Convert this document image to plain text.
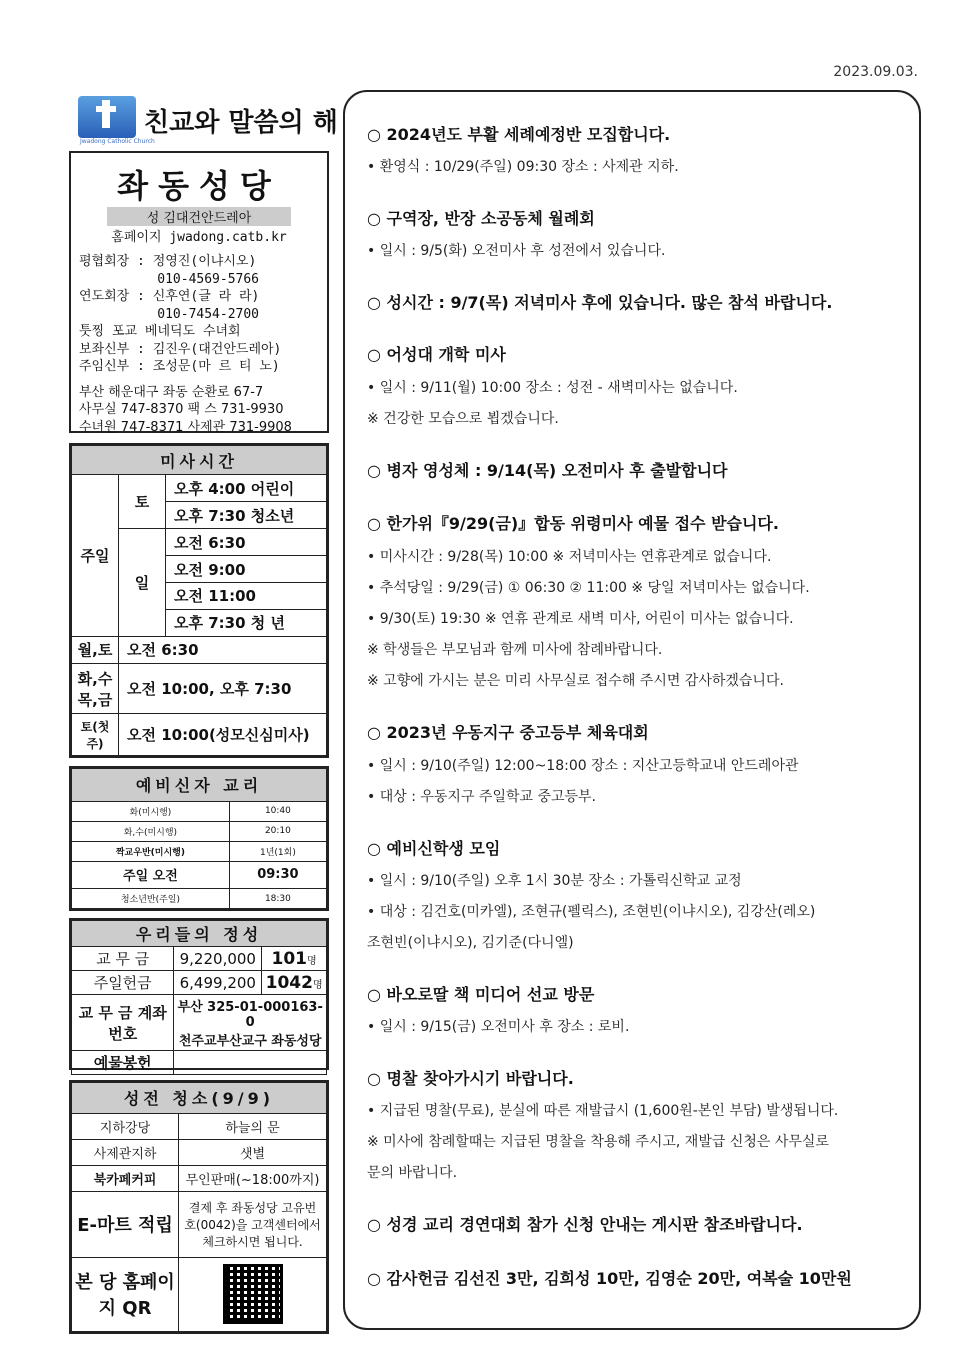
2023.09.03.
친교와 말씀의 해
Jwadong Catholic Church
좌동성당
성 김대건안드레아
홈페이지 jwadong.catb.kr
평협회장 : 정영진(이냐시오)
010-4569-5766
연도회장 : 신후연(글 라 라)
010-7454-2700
툿찡 포교 베네딕도 수녀회
보좌신부 : 김진우(대건안드레아)
주임신부 : 조성문(마 르 티 노)
부산 해운대구 좌동 순환로 67-7
사무실 747-8370 팩 스 731-9930
수녀원 747-8371 사제관 731-9908
미사시간		
주일	토	오후 4:00 어린이
		오후 7:30 청소년
	일	오전 6:30
		오전 9:00
		오전 11:00
		오후 7:30 청 년
월,토	오전 6:30	
화,수 목,금	오전 10:00, 오후 7:30	
토(첫주)	오전 10:00(성모신심미사)	
예비신자 교리	
화(미시행)	10:40
화,수(미시행)	20:10
짝교우반(미시행)	1년(1회)
주일 오전	09:30
청소년반(주일)	18:30
우리들의 정성		
교 무 금	9,220,000	101명
주일헌금	6,499,200	1042명
교 무 금 계좌번호	부산 325-01-000163-0
천주교부산교구 좌동성당	

예물봉헌		
성전 청소(9/9)	
지하강당	하늘의 문
사제관지하	샛별
북카페커피	무인판매(~18:00까지)
E-마트 적립	결제 후 좌동성당 고유번호(0042)을 고객센터에서 체크하시면 됩니다.
본 당 홈페이지 QR	
○ 2024년도 부활 세례예정반 모집합니다.
• 환영식 : 10/29(주일) 09:30 장소 : 사제관 지하.
○ 구역장, 반장 소공동체 월례회
• 일시 : 9/5(화) 오전미사 후 성전에서 있습니다.
○ 성시간 : 9/7(목) 저녁미사 후에 있습니다. 많은 참석 바랍니다.
○ 어성대 개학 미사
• 일시 : 9/11(월) 10:00 장소 : 성전 - 새벽미사는 없습니다.
※ 건강한 모습으로 뵙겠습니다.
○ 병자 영성체 : 9/14(목) 오전미사 후 출발합니다
○ 한가위『9/29(금)』합동 위령미사 예물 접수 받습니다.
• 미사시간 : 9/28(목) 10:00 ※ 저녁미사는 연휴관계로 없습니다.
• 추석당일 : 9/29(금) ① 06:30 ② 11:00 ※ 당일 저녁미사는 없습니다.
• 9/30(토) 19:30 ※ 연휴 관계로 새벽 미사, 어린이 미사는 없습니다.
※ 학생들은 부모님과 함께 미사에 참례바랍니다.
※ 고향에 가시는 분은 미리 사무실로 접수해 주시면 감사하겠습니다.
○ 2023년 우동지구 중고등부 체육대회
• 일시 : 9/10(주일) 12:00~18:00 장소 : 지산고등학교내 안드레아관
• 대상 : 우동지구 주일학교 중고등부.
○ 예비신학생 모임
• 일시 : 9/10(주일) 오후 1시 30분 장소 : 가톨릭신학교 교정
• 대상 : 김건호(미카엘), 조현규(펠릭스), 조현빈(이냐시오), 김강산(레오)
조현빈(이냐시오), 김기준(다니엘)
○ 바오로딸 책 미디어 선교 방문
• 일시 : 9/15(금) 오전미사 후 장소 : 로비.
○ 명찰 찾아가시기 바랍니다.
• 지급된 명찰(무료), 분실에 따른 재발급시 (1,600원-본인 부담) 발생됩니다.
※ 미사에 참례할때는 지급된 명찰을 착용해 주시고, 재발급 신청은 사무실로
문의 바랍니다.
○ 성경 교리 경연대회 참가 신청 안내는 게시판 참조바랍니다.
○ 감사헌금 김선진 3만, 김희성 10만, 김영순 20만, 여복술 10만원
